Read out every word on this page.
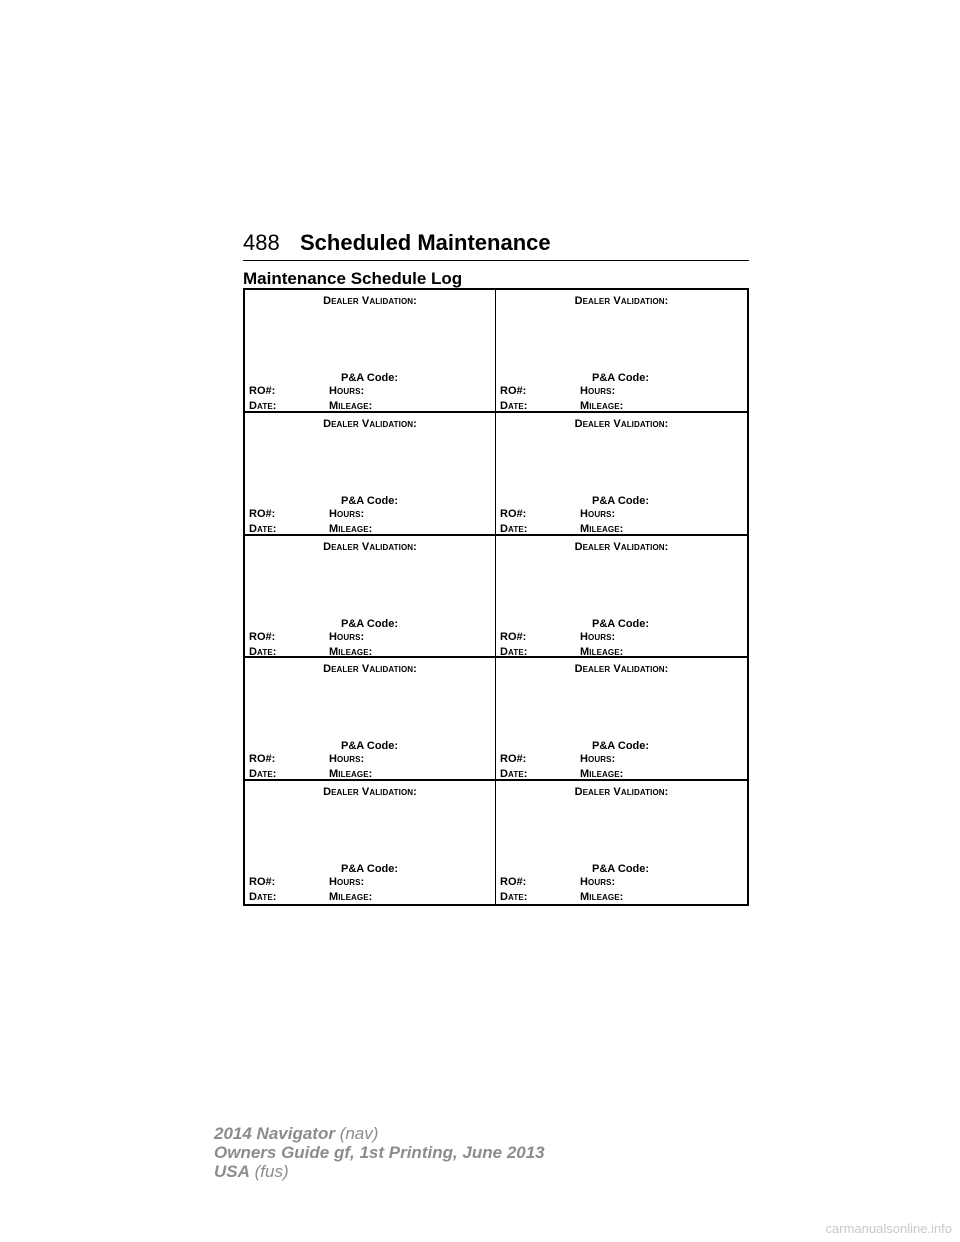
488 Scheduled Maintenance
Maintenance Schedule Log
Dealer Validation:
P&A Code:
RO#:	Hours:
Date:	Mileage:
Dealer Validation:
P&A Code:
RO#:	Hours:
Date:	Mileage:
Dealer Validation:
P&A Code:
RO#:	Hours:
Date:	Mileage:
Dealer Validation:
P&A Code:
RO#:	Hours:
Date:	Mileage:
Dealer Validation:
P&A Code:
RO#:	Hours:
Date:	Mileage:
Dealer Validation:
P&A Code:
RO#:	Hours:
Date:	Mileage:
Dealer Validation:
P&A Code:
RO#:	Hours:
Date:	Mileage:
Dealer Validation:
P&A Code:
RO#:	Hours:
Date:	Mileage:
Dealer Validation:
P&A Code:
RO#:	Hours:
Date:	Mileage:
Dealer Validation:
P&A Code:
RO#:	Hours:
Date:	Mileage:
2014 Navigator (nav)
Owners Guide gf, 1st Printing, June 2013
USA (fus)
carmanualsonline.info
